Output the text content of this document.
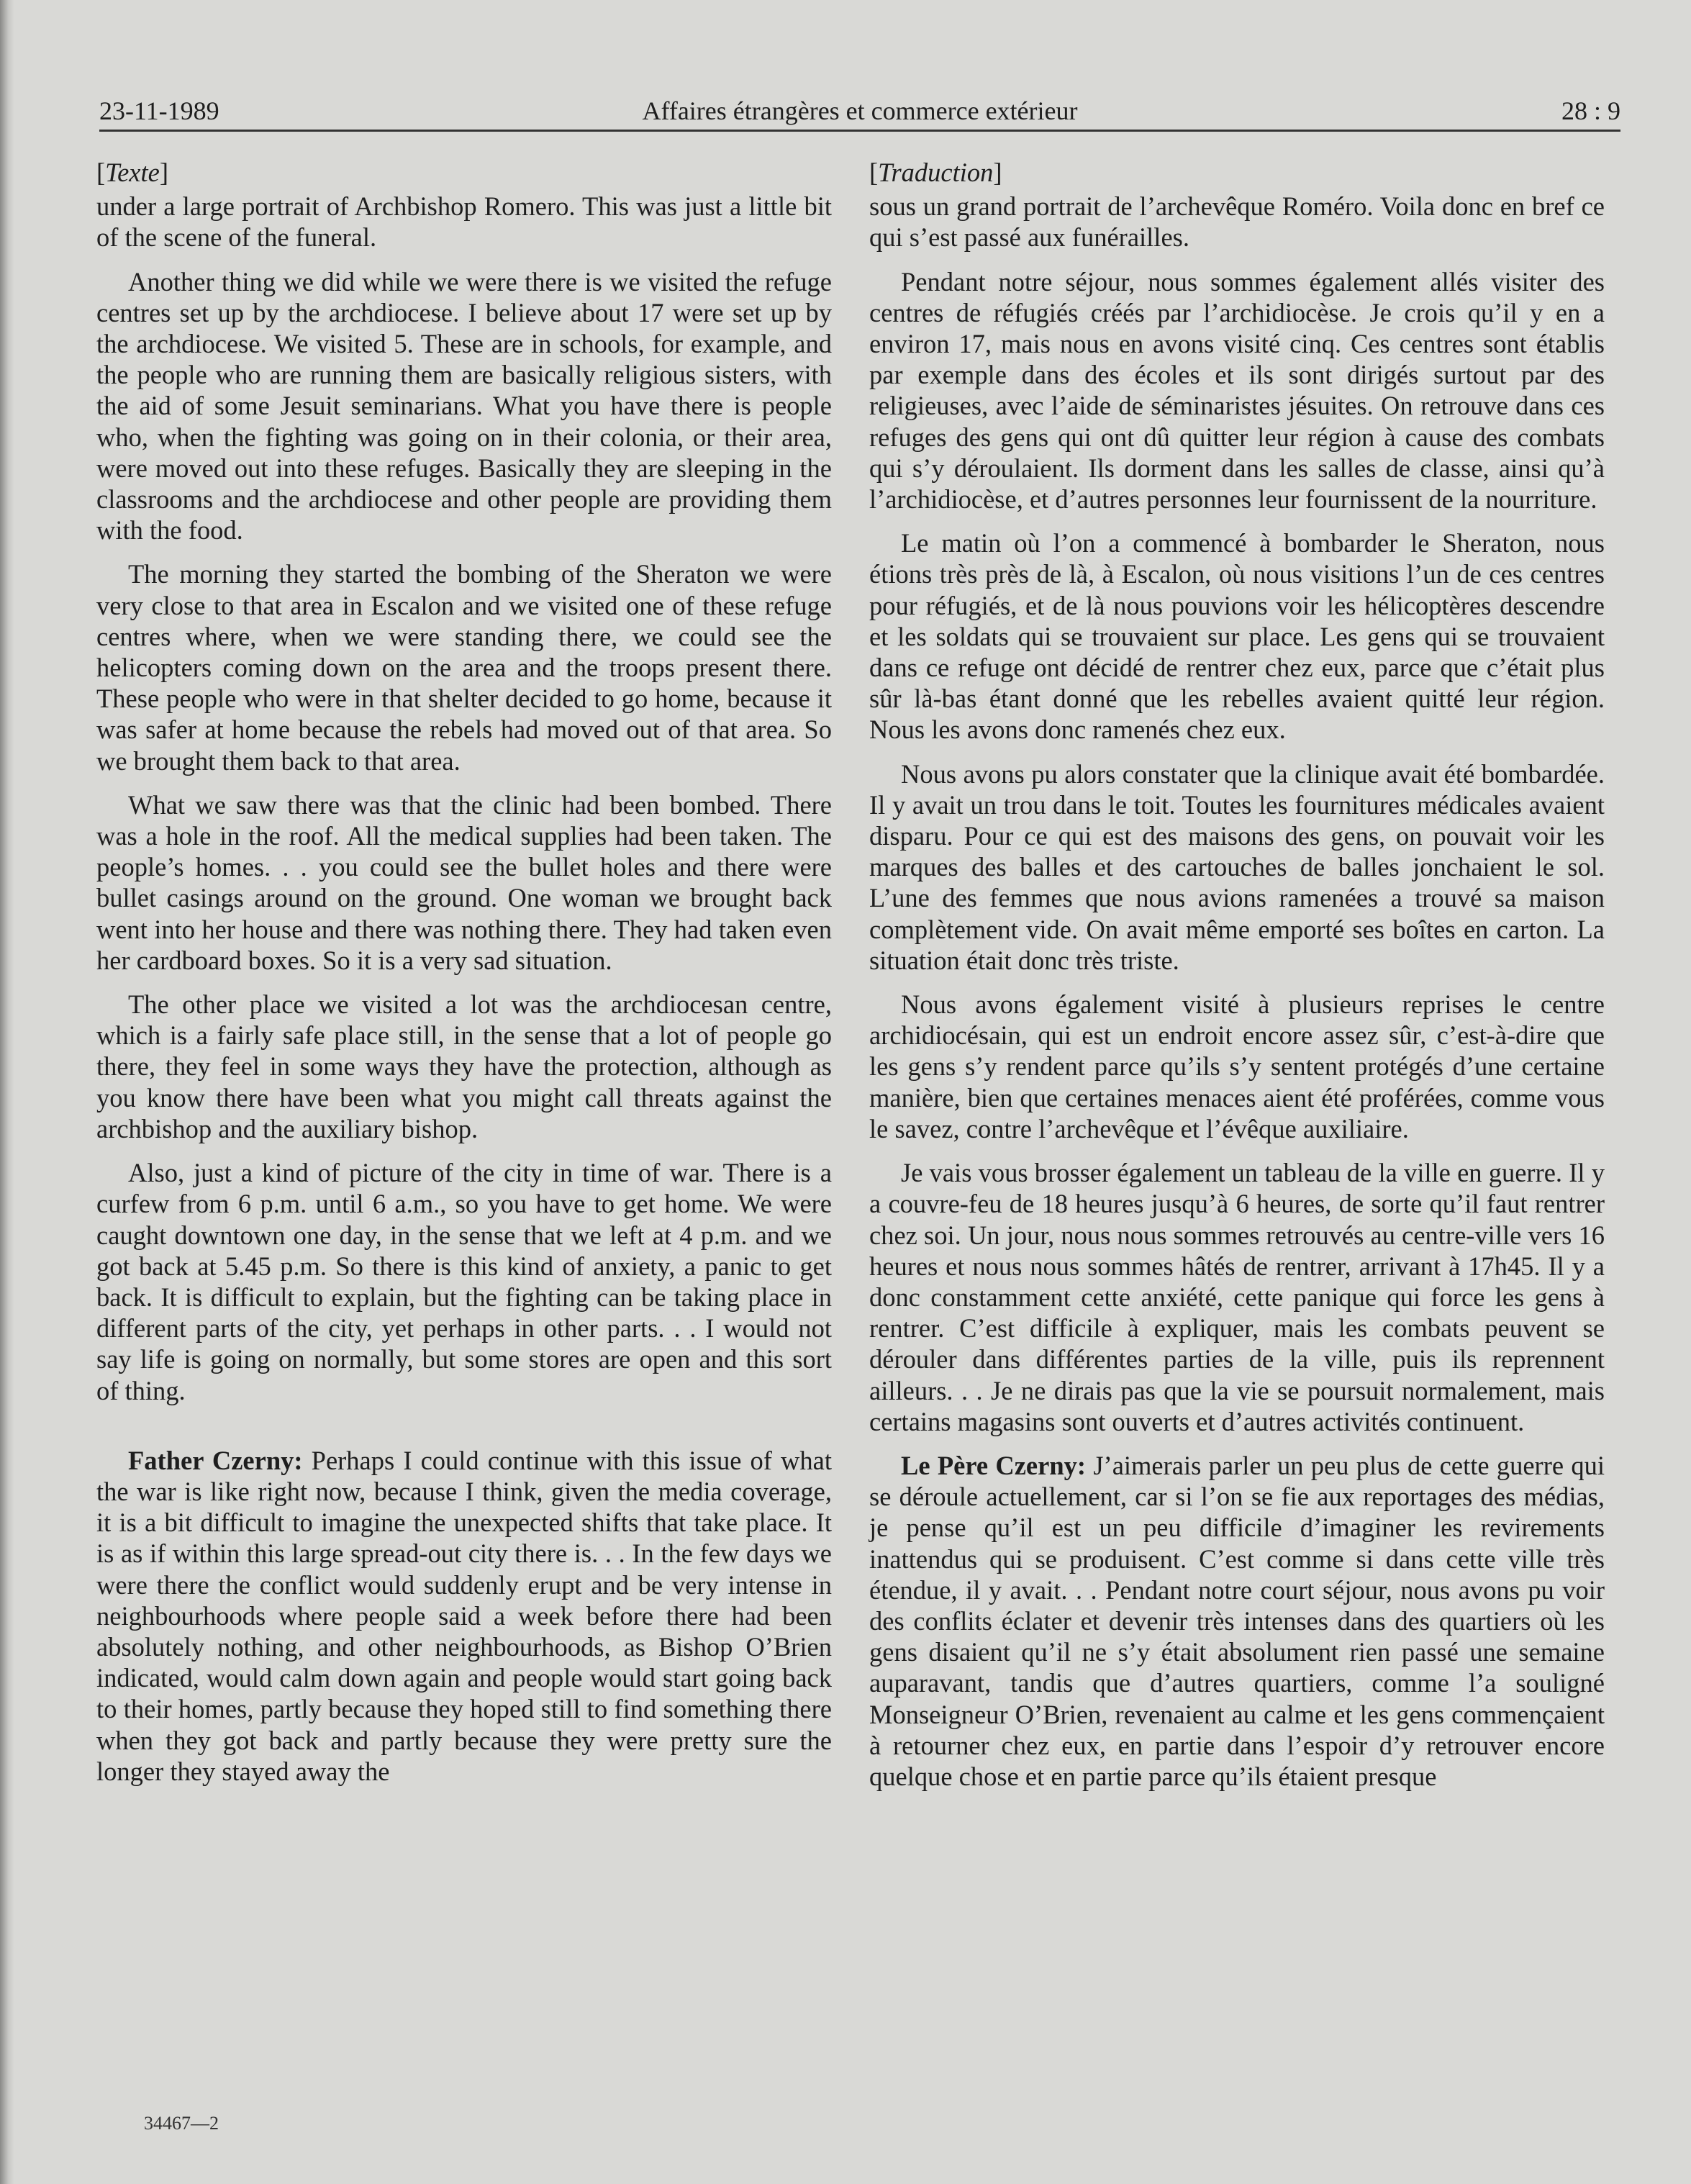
23-11-1989	Affaires étrangères et commerce extérieur	28 : 9
[Texte]

under a large portrait of Archbishop Romero. This was just a little bit of the scene of the funeral.

Another thing we did while we were there is we visited the refuge centres set up by the archdiocese. I believe about 17 were set up by the archdiocese. We visited 5. These are in schools, for example, and the people who are running them are basically religious sisters, with the aid of some Jesuit seminarians. What you have there is people who, when the fighting was going on in their colonia, or their area, were moved out into these refuges. Basically they are sleeping in the classrooms and the archdiocese and other people are providing them with the food.

The morning they started the bombing of the Sheraton we were very close to that area in Escalon and we visited one of these refuge centres where, when we were standing there, we could see the helicopters coming down on the area and the troops present there. These people who were in that shelter decided to go home, because it was safer at home because the rebels had moved out of that area. So we brought them back to that area.

What we saw there was that the clinic had been bombed. There was a hole in the roof. All the medical supplies had been taken. The people’s homes. . . you could see the bullet holes and there were bullet casings around on the ground. One woman we brought back went into her house and there was nothing there. They had taken even her cardboard boxes. So it is a very sad situation.

The other place we visited a lot was the archdiocesan centre, which is a fairly safe place still, in the sense that a lot of people go there, they feel in some ways they have the protection, although as you know there have been what you might call threats against the archbishop and the auxiliary bishop.

Also, just a kind of picture of the city in time of war. There is a curfew from 6 p.m. until 6 a.m., so you have to get home. We were caught downtown one day, in the sense that we left at 4 p.m. and we got back at 5.45 p.m. So there is this kind of anxiety, a panic to get back. It is difficult to explain, but the fighting can be taking place in different parts of the city, yet perhaps in other parts. . . I would not say life is going on normally, but some stores are open and this sort of thing.

Father Czerny: Perhaps I could continue with this issue of what the war is like right now, because I think, given the media coverage, it is a bit difficult to imagine the unexpected shifts that take place. It is as if within this large spread-out city there is. . . In the few days we were there the conflict would suddenly erupt and be very intense in neighbourhoods where people said a week before there had been absolutely nothing, and other neighbourhoods, as Bishop O’Brien indicated, would calm down again and people would start going back to their homes, partly because they hoped still to find something there when they got back and partly because they were pretty sure the longer they stayed away the

[Traduction]

sous un grand portrait de l’archevêque Roméro. Voila donc en bref ce qui s’est passé aux funérailles.

Pendant notre séjour, nous sommes également allés visiter des centres de réfugiés créés par l’archidiocèse. Je crois qu’il y en a environ 17, mais nous en avons visité cinq. Ces centres sont établis par exemple dans des écoles et ils sont dirigés surtout par des religieuses, avec l’aide de séminaristes jésuites. On retrouve dans ces refuges des gens qui ont dû quitter leur région à cause des combats qui s’y déroulaient. Ils dorment dans les salles de classe, ainsi qu’à l’archidiocèse, et d’autres personnes leur fournissent de la nourriture.

Le matin où l’on a commencé à bombarder le Sheraton, nous étions très près de là, à Escalon, où nous visitions l’un de ces centres pour réfugiés, et de là nous pouvions voir les hélicoptères descendre et les soldats qui se trouvaient sur place. Les gens qui se trouvaient dans ce refuge ont décidé de rentrer chez eux, parce que c’était plus sûr là-bas étant donné que les rebelles avaient quitté leur région. Nous les avons donc ramenés chez eux.

Nous avons pu alors constater que la clinique avait été bombardée. Il y avait un trou dans le toit. Toutes les fournitures médicales avaient disparu. Pour ce qui est des maisons des gens, on pouvait voir les marques des balles et des cartouches de balles jonchaient le sol. L’une des femmes que nous avions ramenées a trouvé sa maison complètement vide. On avait même emporté ses boîtes en carton. La situation était donc très triste.

Nous avons également visité à plusieurs reprises le centre archidiocésain, qui est un endroit encore assez sûr, c’est-à-dire que les gens s’y rendent parce qu’ils s’y sentent protégés d’une certaine manière, bien que certaines menaces aient été proférées, comme vous le savez, contre l’archevêque et l’évêque auxiliaire.

Je vais vous brosser également un tableau de la ville en guerre. Il y a couvre-feu de 18 heures jusqu’à 6 heures, de sorte qu’il faut rentrer chez soi. Un jour, nous nous sommes retrouvés au centre-ville vers 16 heures et nous nous sommes hâtés de rentrer, arrivant à 17h45. Il y a donc constamment cette anxiété, cette panique qui force les gens à rentrer. C’est difficile à expliquer, mais les combats peuvent se dérouler dans différentes parties de la ville, puis ils reprennent ailleurs. . . Je ne dirais pas que la vie se poursuit normalement, mais certains magasins sont ouverts et d’autres activités continuent.

Le Père Czerny: J’aimerais parler un peu plus de cette guerre qui se déroule actuellement, car si l’on se fie aux reportages des médias, je pense qu’il est un peu difficile d’imaginer les revirements inattendus qui se produisent. C’est comme si dans cette ville très étendue, il y avait. . . Pendant notre court séjour, nous avons pu voir des conflits éclater et devenir très intenses dans des quartiers où les gens disaient qu’il ne s’y était absolument rien passé une semaine auparavant, tandis que d’autres quartiers, comme l’a souligné Monseigneur O’Brien, revenaient au calme et les gens commençaient à retourner chez eux, en partie dans l’espoir d’y retrouver encore quelque chose et en partie parce qu’ils étaient presque

34467—2
